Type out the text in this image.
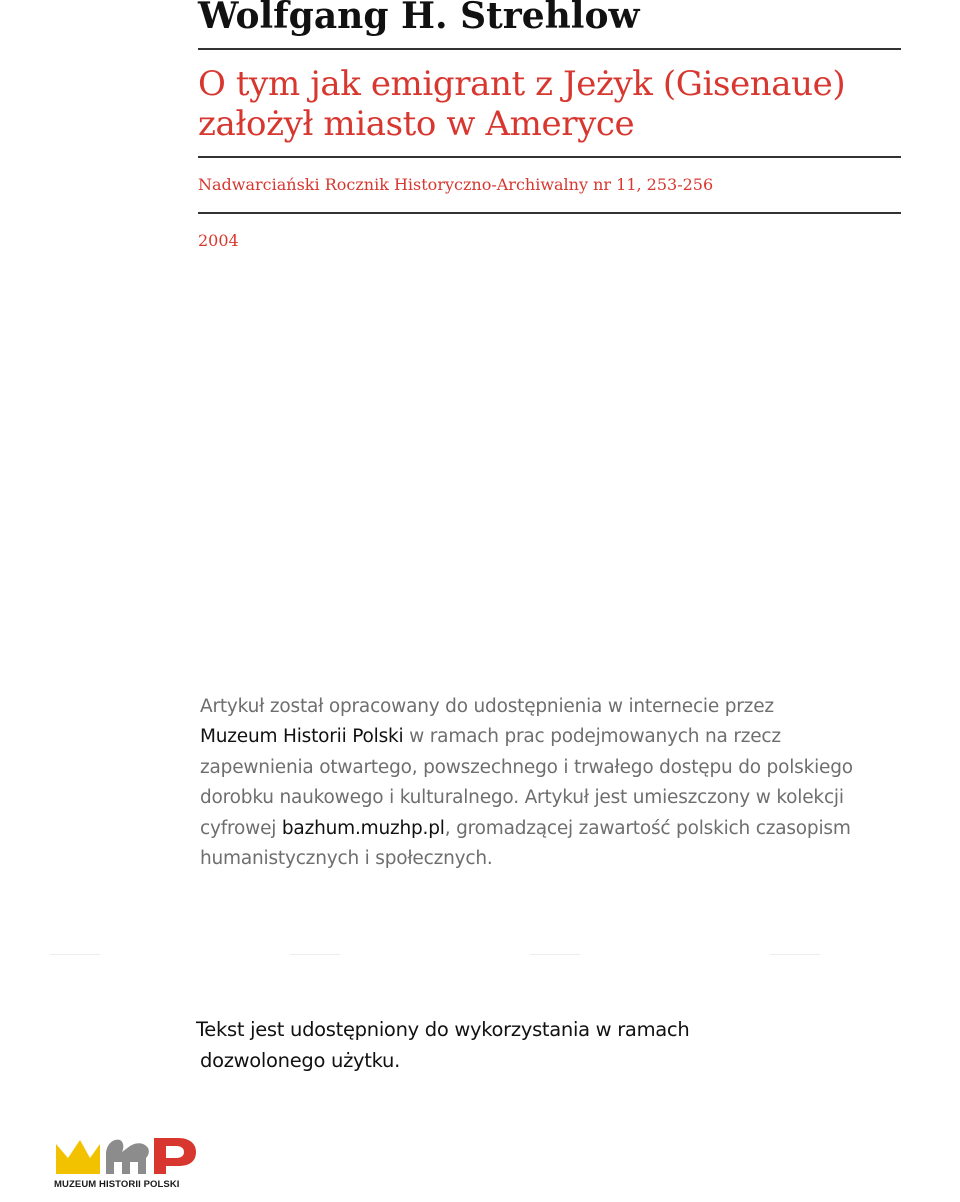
Wolfgang H. Strehlow
O tym jak emigrant z Jeżyk (Gisenaue) założył miasto w Ameryce
Nadwarciański Rocznik Historyczno-Archiwalny nr 11, 253-256
2004
Artykuł został opracowany do udostępnienia w internecie przez
Muzeum Historii Polski w ramach prac podejmowanych na rzecz zapewnienia otwartego, powszechnego i trwałego dostępu do polskiego dorobku naukowego i kulturalnego. Artykuł jest umieszczony w kolekcji cyfrowej bazhum.muzhp.pl, gromadzącej zawartość polskich czasopism humanistycznych i społecznych.
Tekst jest udostępniony do wykorzystania w ramach
dozwolonego użytku.
MUZEUM HISTORII POLSKI
